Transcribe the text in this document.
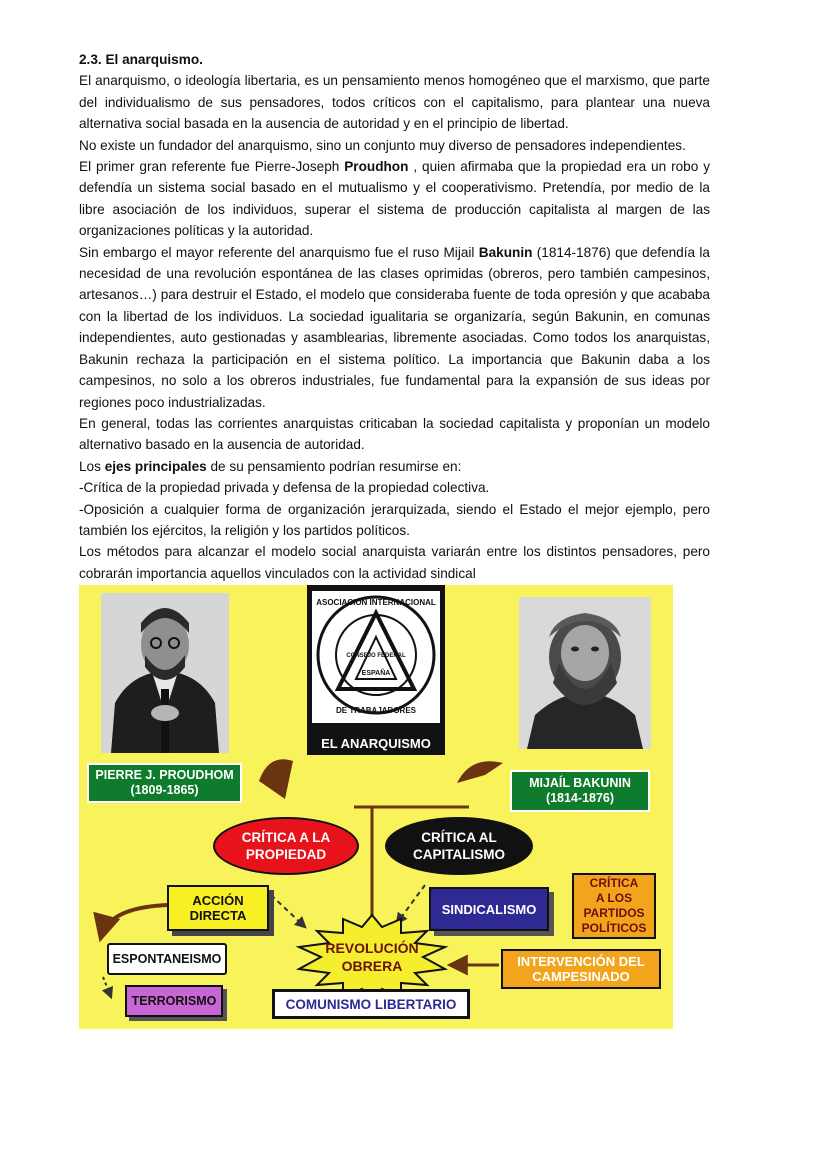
2.3. El anarquismo.

El anarquismo, o ideología libertaria, es un pensamiento menos homogéneo que el marxismo, que parte del individualismo de sus pensadores, todos críticos con el capitalismo, para plantear una nueva alternativa social basada en la ausencia de autoridad y en el principio de libertad.

No existe un fundador del anarquismo, sino un conjunto muy diverso de pensadores independientes.

El primer gran referente fue Pierre-Joseph Proudhon , quien afirmaba que la propiedad era un robo y defendía un sistema social basado en el mutualismo y el cooperativismo. Pretendía, por medio de la libre asociación de los individuos, superar el sistema de producción capitalista al margen de las organizaciones políticas y la autoridad.

Sin embargo el mayor referente del anarquismo fue el ruso Mijail Bakunin (1814-1876) que defendía la necesidad de una revolución espontánea de las clases oprimidas (obreros, pero también campesinos, artesanos…) para destruir el Estado, el modelo que consideraba fuente de toda opresión y que acababa con la libertad de los individuos. La sociedad igualitaria se organizaría, según Bakunin, en comunas independientes, auto gestionadas y asamblearias, libremente asociadas. Como todos los anarquistas, Bakunin rechaza la participación en el sistema político. La importancia que Bakunin daba a los campesinos, no solo a los obreros industriales, fue fundamental para la expansión de sus ideas por regiones poco industrializadas.

En general, todas las corrientes anarquistas criticaban la sociedad capitalista y proponían un modelo alternativo basado en la ausencia de autoridad.

Los ejes principales de su pensamiento podrían resumirse en:

-Crítica de la propiedad privada y defensa de la propiedad colectiva.

-Oposición a cualquier forma de organización jerarquizada, siendo el Estado el mejor ejemplo, pero también los ejércitos, la religión y los partidos políticos.

Los métodos para alcanzar el modelo social anarquista variarán entre los distintos pensadores, pero cobrarán importancia aquellos vinculados con la actividad sindical

ASOCIACION INTERNACIONAL
CONSEJO FEDERAL
ESPAÑA
DE TRABAJADORES
EL ANARQUISMO
PIERRE J. PROUDHOM
(1809-1865)	MIJAÍL BAKUNIN
(1814-1876)
CRÍTICA A LA
PROPIEDAD
CRÍTICA AL
CAPITALISMO
ACCIÓN
DIRECTA	SINDICALISMO
CRÍTICA
A LOS
PARTIDOS
POLÍTICOS
ESPONTANEISMO
REVOLUCIÓN
OBRERA	INTERVENCIÓN DEL
CAMPESINADO
TERRORISMO	COMUNISMO LIBERTARIO
